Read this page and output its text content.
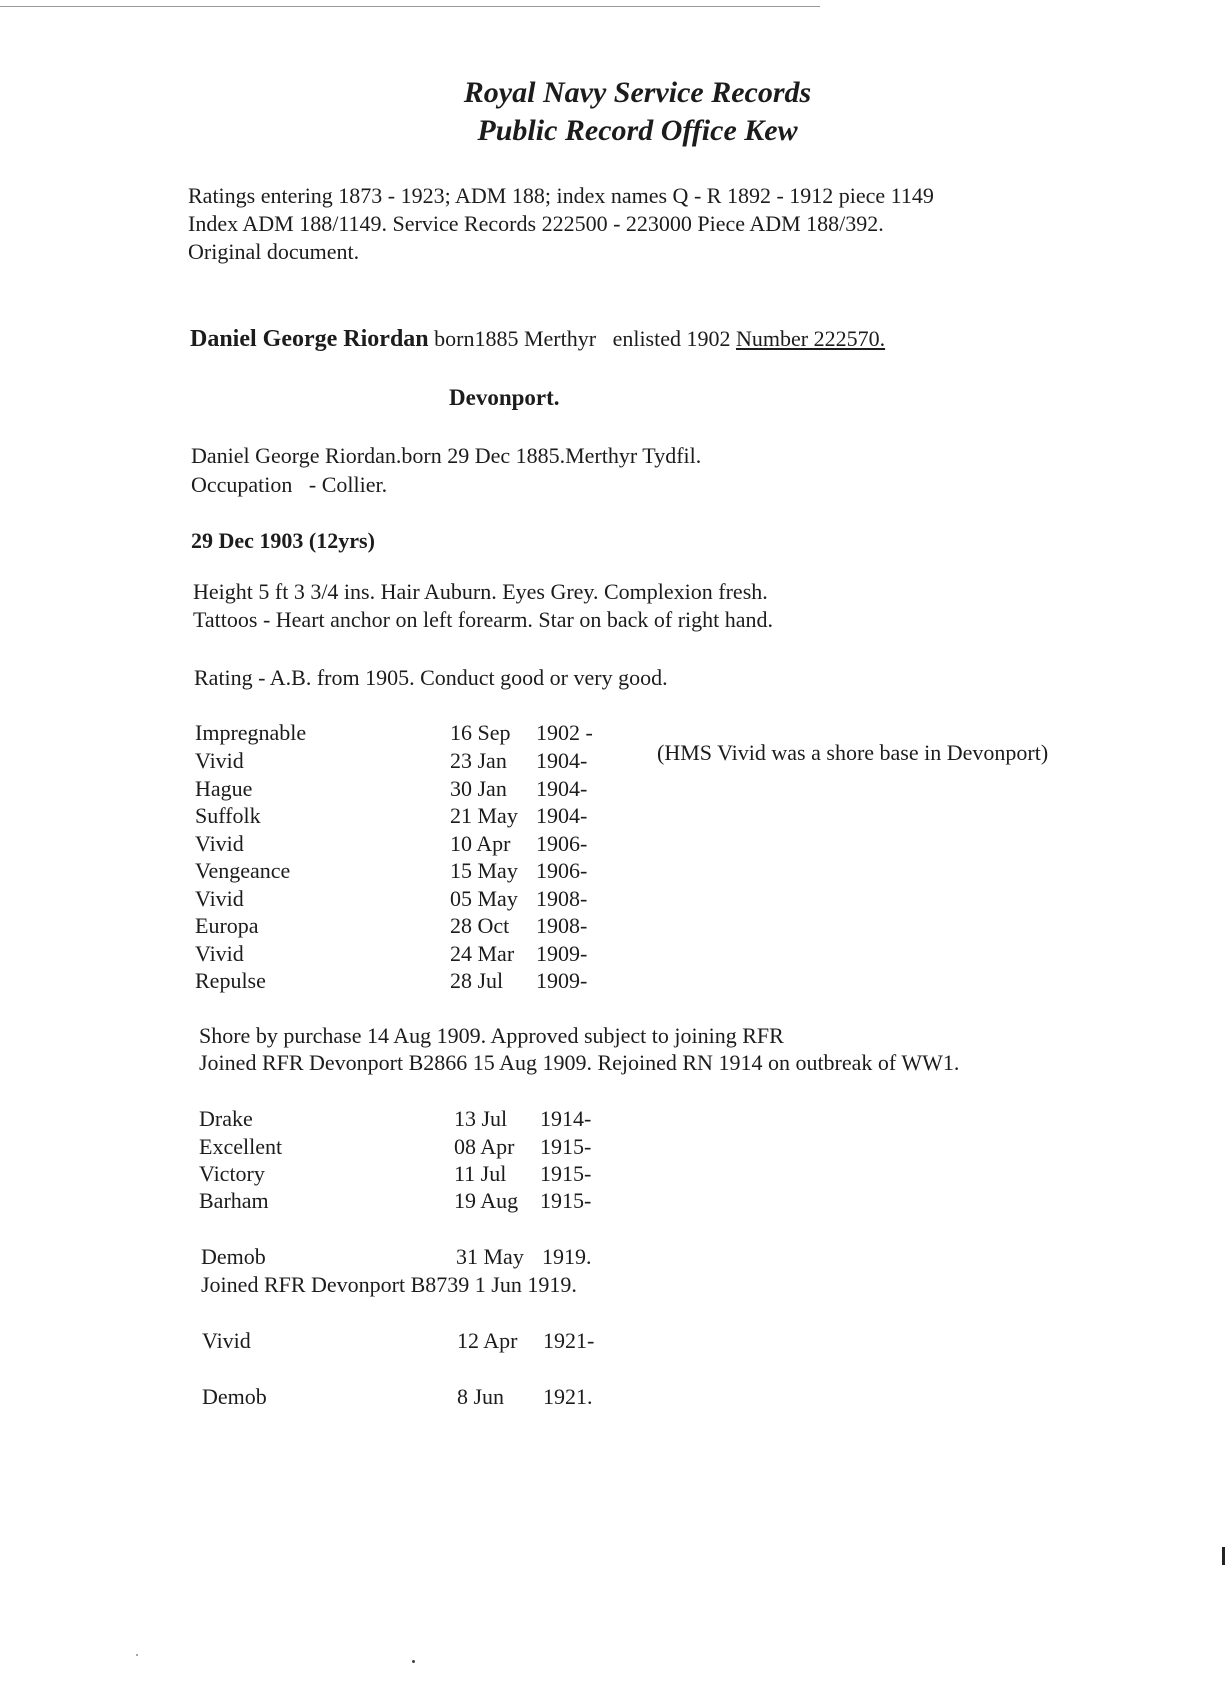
Royal Navy Service Records
Public Record Office Kew
Ratings entering 1873 - 1923; ADM 188; index names Q - R 1892 - 1912 piece 1149
Index ADM 188/1149. Service Records 222500 - 223000 Piece ADM 188/392.
Original document.
Daniel George Riordan born1885 Merthyr enlisted 1902 Number 222570.
Devonport.
Daniel George Riordan.born 29 Dec 1885.Merthyr Tydfil.
Occupation   - Collier.
29 Dec 1903 (12yrs)
Height 5 ft 3 3/4 ins. Hair Auburn. Eyes Grey. Complexion fresh.
Tattoos - Heart anchor on left forearm. Star on back of right hand.
Rating - A.B. from 1905. Conduct good or very good.
Impregnable	16 Sep 1902 -
Vivid	23 Jan 1904-
Hague	30 Jan 1904-
Suffolk	21 May 1904-
Vivid	10 Apr 1906-
Vengeance	15 May 1906-
Vivid	05 May 1908-
Europa	28 Oct 1908-
Vivid	24 Mar 1909-
Repulse	28 Jul 1909-
(HMS Vivid was a shore base in Devonport)
Shore by purchase 14 Aug 1909. Approved subject to joining RFR
Joined RFR Devonport B2866 15 Aug 1909. Rejoined RN 1914 on outbreak of WW1.
Drake	13 Jul 1914-
Excellent	08 Apr 1915-
Victory	11 Jul 1915-
Barham	19 Aug 1915-
Demob	31 May 1919.
Joined RFR Devonport B8739 1 Jun 1919.
Vivid	12 Apr 1921-
Demob	8 Jun 1921.
